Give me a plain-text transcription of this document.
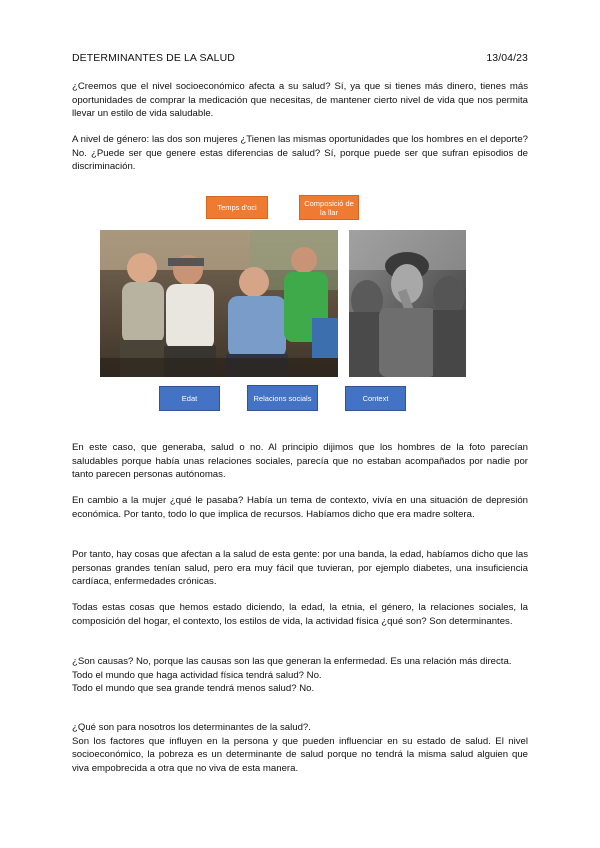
DETERMINANTES DE LA SALUD	13/04/23
¿Creemos que el nivel socioeconómico afecta a su salud? Sí, ya que si tienes más dinero, tienes más oportunidades de comprar la medicación que necesitas, de mantener cierto nivel de vida que nos permita llevar un estilo de vida saludable.
A nivel de género: las dos son mujeres ¿Tienen las mismas oportunidades que los hombres en el deporte? No. ¿Puede ser que genere estas diferencias de salud? Sí, porque puede ser que sufran episodios de discriminación.
Temps d'oci	Composició de la llar
Edat	Relacions socials	Context
En este caso, que generaba, salud o no. Al principio dijimos que los hombres de la foto parecían saludables porque había unas relaciones sociales, parecía que no estaban acompañados por nadie por tanto parecen personas autónomas.
En cambio a la mujer ¿qué le pasaba? Había un tema de contexto, vivía en una situación de depresión económica. Por tanto, todo lo que implica de recursos. Habíamos dicho que era madre soltera.
Por tanto, hay cosas que afectan a la salud de esta gente: por una banda, la edad, habíamos dicho que las personas grandes tenían salud, pero era muy fácil que tuvieran, por ejemplo diabetes, una insuficiencia cardíaca, enfermedades crónicas.
Todas estas cosas que hemos estado diciendo, la edad, la etnia, el género, la relaciones sociales, la composición del hogar, el contexto, los estilos de vida, la actividad física ¿qué son? Son determinantes.
¿Son causas? No, porque las causas son las que generan la enfermedad. Es una relación más directa.
Todo el mundo que haga actividad física tendrá salud? No.
Todo el mundo que sea grande tendrá menos salud? No.
¿Qué son para nosotros los determinantes de la salud?.
Son los factores que influyen en la persona y que pueden influenciar en su estado de salud. El nivel socioeconómico, la pobreza es un determinante de salud porque no tendrá la misma salud alguien que viva empobrecida a otra que no viva de esta manera.
